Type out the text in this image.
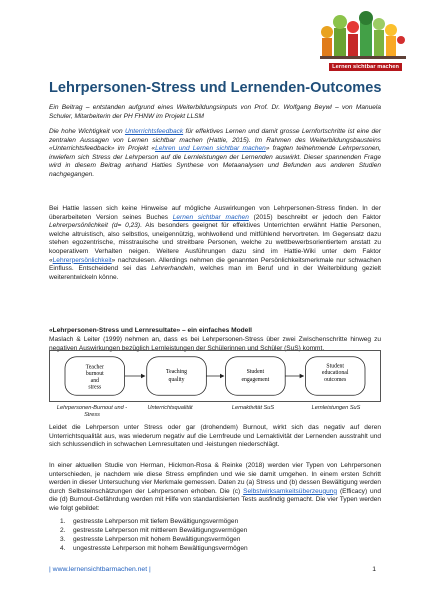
Lernen sichtbar machen
Lehrpersonen-Stress und Lernenden-Outcomes
Ein Beitrag – entstanden aufgrund eines Weiterbildungsinputs von Prof. Dr. Wolfgang Beywl – von Manuela Schuler, Mitarbeiterin der PH FHNW im Projekt LLSM
Die hohe Wichtigkeit von Unterrichtsfeedback für effektives Lernen und damit grosse Lernfortschritte ist eine der zentralen Aussagen von Lernen sichtbar machen (Hattie, 2015). Im Rahmen des Weiterbildungsbausteins «Unterrichtsfeedback» im Projekt «Lehren und Lernen sichtbar machen» fragten teilnehmende Lehrpersonen, inwiefern sich Stress der Lehrperson auf die Lernleistungen der Lernenden auswirkt. Dieser spannenden Frage wird in diesem Beitrag anhand Hatties Synthese von Metaanalysen und Befunden aus anderen Studien nachgegangen.
Bei Hattie lassen sich keine Hinweise auf mögliche Auswirkungen von Lehrpersonen-Stress finden. In der überarbeiteten Version seines Buches Lernen sichtbar machen (2015) beschreibt er jedoch den Faktor Lehrerpersönlichkeit (d= 0,23). Als besonders geeignet für effektives Unterrichten erwähnt Hattie Personen, welche altruistisch, also selbstlos, uneigennützig, wohlwollend und mitfühlend hervortreten. Im Gegensatz dazu stehen egozentrische, misstrauische und streitbare Personen, welche zu wettbewerbsorientiertem anstatt zu kooperativem Verhalten neigen. Weitere Ausführungen dazu sind im Hattie-Wiki unter dem Faktor «Lehrerpersönlichkeit» nachzulesen. Allerdings nehmen die genannten Persönlichkeitsmerkmale nur schwachen Einfluss. Entscheidend sei das Lehrerhandeln, welches man im Beruf und in der Weiterbildung gezielt weiterentwickeln könne.
«Lehrpersonen-Stress und Lernresultate» – ein einfaches Modell
Maslach & Leiter (1999) nehmen an, dass es bei Lehrpersonen-Stress über zwei Zwischenschritte hinweg zu negativen Auswirkungen bezüglich Lernleistungen der Schülerinnen und Schüler (SuS) kommt.
Teacher
burnout
and
stress
Teaching
quality
Student
engagement
Student
educational
outcomes
Lehrpersonen-Burnout und -Stress
Unterrichtsqualität	Lernaktivität SuS	Lernleistungen SuS
Leidet die Lehrperson unter Stress oder gar (drohendem) Burnout, wirkt sich das negativ auf deren Unterrichtsqualität aus, was wiederum negativ auf die Lernfreude und Lernaktivität der Lernenden ausstrahlt und sich schlussendlich in schwachen Lernresultaten und -leistungen niederschlägt.
In einer aktuellen Studie von Herman, Hickmon-Rosa & Reinke (2018) werden vier Typen von Lehrpersonen unterschieden, je nachdem wie diese Stress empfinden und wie sie damit umgehen. In einem ersten Schritt werden in dieser Untersuchung vier Merkmale gemessen. Daten zu (a) Stress und (b) dessen Bewältigung werden durch Selbsteinschätzungen der Lehrpersonen erhoben. Die (c) Selbstwirksamkeitsüberzeugung (Efficacy) und die (d) Burnout-Gefährdung werden mit Hilfe von standardisierten Tests ausfindig gemacht. Die vier Typen werden wie folgt gebildet:
1. gestresste Lehrperson mit tiefem Bewältigungsvermögen
2. gestresste Lehrperson mit mittlerem Bewältigungsvermögen
3. gestresste Lehrperson mit hohem Bewältigungsvermögen
4. ungestresste Lehrperson mit hohem Bewältigungsvermögen
| www.lernensichtbarmachen.net |	1
